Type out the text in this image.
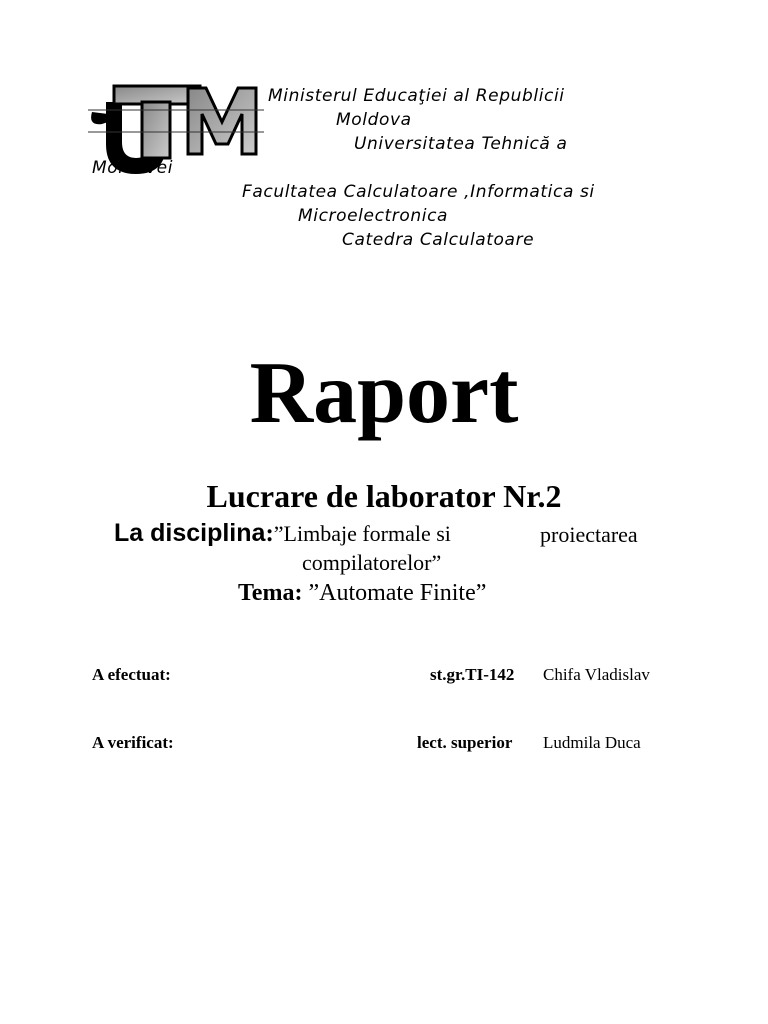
Ministerul Educaţiei al Republicii
Moldova
Universitatea Tehnică a
Moldovei
Facultatea Calculatoare ,Informatica si
Microelectronica
Catedra Calculatoare
Raport
Lucrare de laborator Nr.2
La disciplina:”Limbaje formale si	proiectarea
compilatorelor”
Tema: ”Automate Finite”
A efectuat:	st.gr.TI-142 Chifa Vladislav
A verificat:	lect. superior Ludmila Duca
